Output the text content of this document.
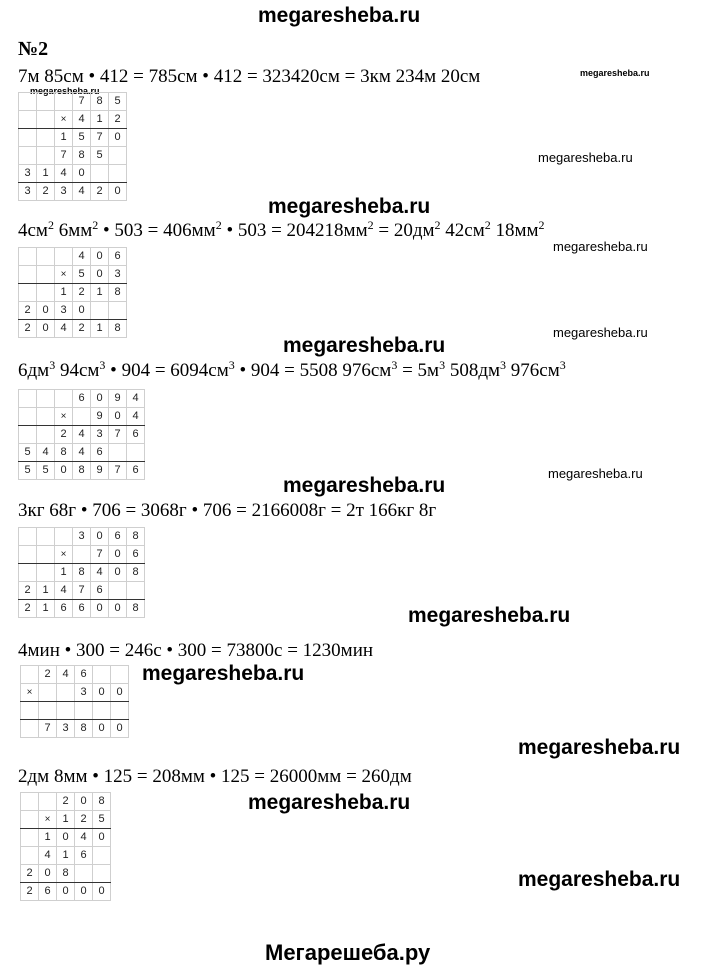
megaresheba.ru
№2
7м 85см • 412 = 785см • 412 = 323420см = 3км 234м 20см	megaresheba.ru
megaresheba.ru
			7	8	5
		×	4	1	2
		1	5	7	0
		7	8	5	
3	1	4	0		
3	2	3	4	2	0
megaresheba.ru
megaresheba.ru
$4см^2$ $6мм^2$ • $503 = 406мм^2$ • $503 = 204218мм^2 = 20дм^2$ $42см^2$ $18мм^2$
megaresheba.ru
			4	0	6
		×	5	0	3
		1	2	1	8
2	0	3	0		
2	0	4	2	1	8	megaresheba.ru
megaresheba.ru
$6дм^3$ $94см^3$ • $904 = 6094см^3$ • 904 = 5508 $976см^3 = 5м^3$ $508дм^3$ $976см^3$
			6	0	9	4
		×		9	0	4
		2	4	3	7	6
5	4	8	4	6		
5	5	0	8	9	7	6	megaresheba.ru
megaresheba.ru
3кг 68г • 706 = 3068г • 706 = 2166008г = 2т 166кг 8г
			3	0	6	8
		×		7	0	6
		1	8	4	0	8
2	1	4	7	6		
2	1	6	6	0	0	8	megaresheba.ru
4мин • 300 = 246с • 300 = 73800с = 1230мин
megaresheba.ru
	2	4	6		
×			3	0	0

	7	3	8	0	0
megaresheba.ru
2дм 8мм • 125 = 208мм • 125 = 26000мм = 260дм
		2	0	8
	×	1	2	5
	1	0	4	0
	4	1	6	
2	0	8		
2	6	0	0	0
megaresheba.ru
megaresheba.ru
Мегарешеба.ру
